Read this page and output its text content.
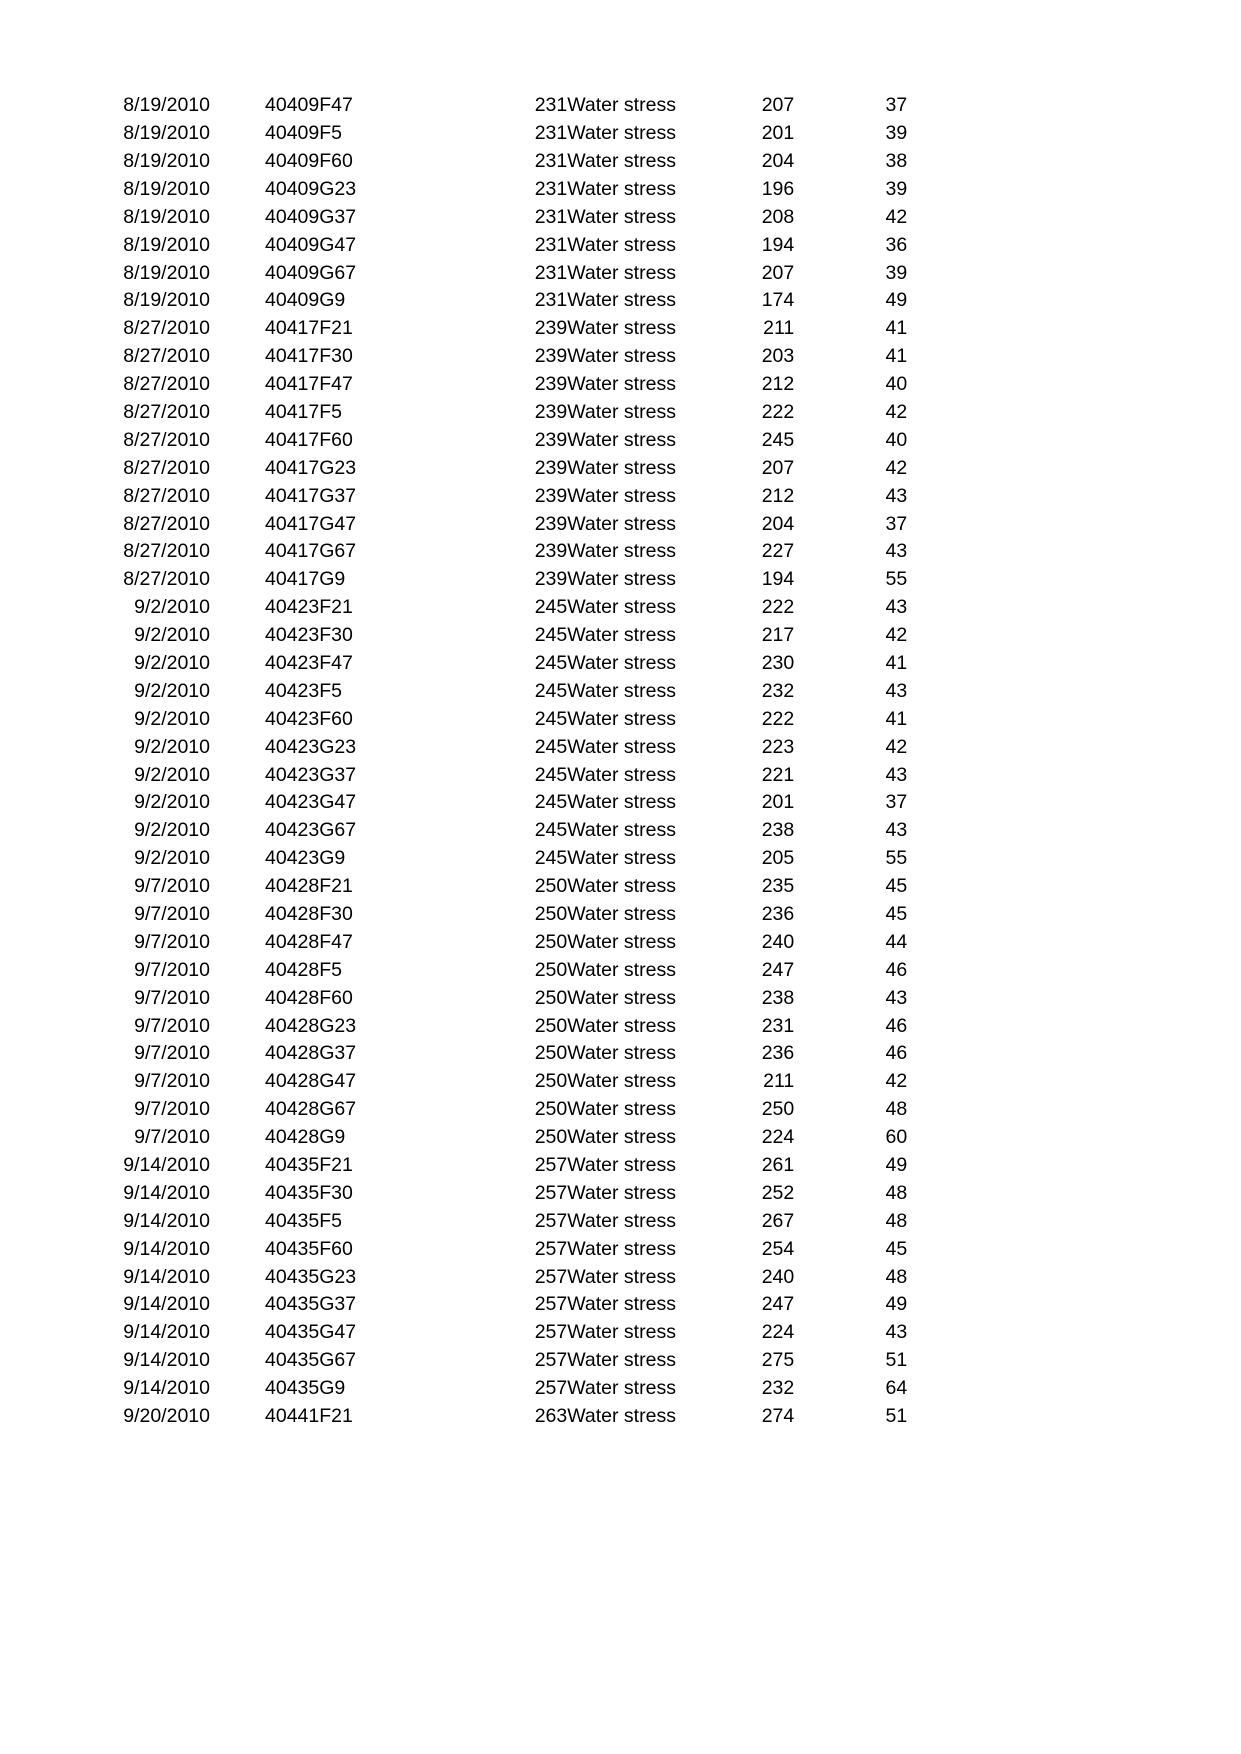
	8/19/2010		40409	F47	231	Water stress	207		37
	8/19/2010		40409	F5	231	Water stress	201		39
	8/19/2010		40409	F60	231	Water stress	204		38
	8/19/2010		40409	G23	231	Water stress	196		39
	8/19/2010		40409	G37	231	Water stress	208		42
	8/19/2010		40409	G47	231	Water stress	194		36
	8/19/2010		40409	G67	231	Water stress	207		39
	8/19/2010		40409	G9	231	Water stress	174		49
	8/27/2010		40417	F21	239	Water stress	211		41
	8/27/2010		40417	F30	239	Water stress	203		41
	8/27/2010		40417	F47	239	Water stress	212		40
	8/27/2010		40417	F5	239	Water stress	222		42
	8/27/2010		40417	F60	239	Water stress	245		40
	8/27/2010		40417	G23	239	Water stress	207		42
	8/27/2010		40417	G37	239	Water stress	212		43
	8/27/2010		40417	G47	239	Water stress	204		37
	8/27/2010		40417	G67	239	Water stress	227		43
	8/27/2010		40417	G9	239	Water stress	194		55
	9/2/2010		40423	F21	245	Water stress	222		43
	9/2/2010		40423	F30	245	Water stress	217		42
	9/2/2010		40423	F47	245	Water stress	230		41
	9/2/2010		40423	F5	245	Water stress	232		43
	9/2/2010		40423	F60	245	Water stress	222		41
	9/2/2010		40423	G23	245	Water stress	223		42
	9/2/2010		40423	G37	245	Water stress	221		43
	9/2/2010		40423	G47	245	Water stress	201		37
	9/2/2010		40423	G67	245	Water stress	238		43
	9/2/2010		40423	G9	245	Water stress	205		55
	9/7/2010		40428	F21	250	Water stress	235		45
	9/7/2010		40428	F30	250	Water stress	236		45
	9/7/2010		40428	F47	250	Water stress	240		44
	9/7/2010		40428	F5	250	Water stress	247		46
	9/7/2010		40428	F60	250	Water stress	238		43
	9/7/2010		40428	G23	250	Water stress	231		46
	9/7/2010		40428	G37	250	Water stress	236		46
	9/7/2010		40428	G47	250	Water stress	211		42
	9/7/2010		40428	G67	250	Water stress	250		48
	9/7/2010		40428	G9	250	Water stress	224		60
	9/14/2010		40435	F21	257	Water stress	261		49
	9/14/2010		40435	F30	257	Water stress	252		48
	9/14/2010		40435	F5	257	Water stress	267		48
	9/14/2010		40435	F60	257	Water stress	254		45
	9/14/2010		40435	G23	257	Water stress	240		48
	9/14/2010		40435	G37	257	Water stress	247		49
	9/14/2010		40435	G47	257	Water stress	224		43
	9/14/2010		40435	G67	257	Water stress	275		51
	9/14/2010		40435	G9	257	Water stress	232		64
	9/20/2010		40441	F21	263	Water stress	274		51
